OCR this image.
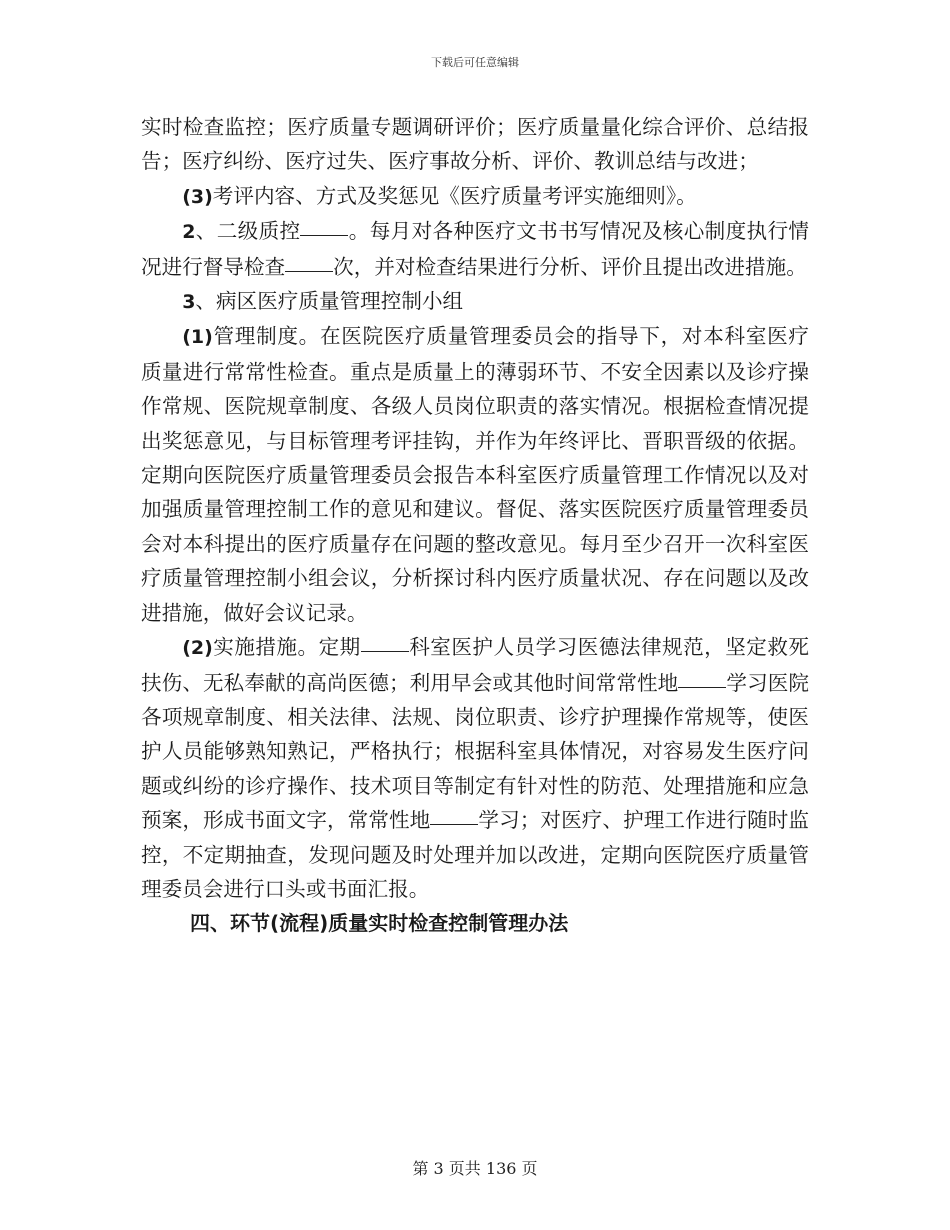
下载后可任意编辑

实时检查监控；医疗质量专题调研评价；医疗质量量化综合评价、总结报告；医疗纠纷、医疗过失、医疗事故分析、评价、教训总结与改进；

(3)考评内容、方式及奖惩见《医疗质量考评实施细则》。

2、二级质控 。每月对各种医疗文书书写情况及核心制度执行情况进行督导检查 次，并对检查结果进行分析、评价且提出改进措施。

3、病区医疗质量管理控制小组

(1)管理制度。在医院医疗质量管理委员会的指导下，对本科室医疗质量进行常常性检查。重点是质量上的薄弱环节、不安全因素以及诊疗操作常规、医院规章制度、各级人员岗位职责的落实情况。根据检查情况提出奖惩意见，与目标管理考评挂钩，并作为年终评比、晋职晋级的依据。定期向医院医疗质量管理委员会报告本科室医疗质量管理工作情况以及对加强质量管理控制工作的意见和建议。督促、落实医院医疗质量管理委员会对本科提出的医疗质量存在问题的整改意见。每月至少召开一次科室医疗质量管理控制小组会议，分析探讨科内医疗质量状况、存在问题以及改进措施，做好会议记录。

(2)实施措施。定期 科室医护人员学习医德法律规范，坚定救死扶伤、无私奉献的高尚医德；利用早会或其他时间常常性地 学习医院各项规章制度、相关法律、法规、岗位职责、诊疗护理操作常规等，使医护人员能够熟知熟记，严格执行；根据科室具体情况，对容易发生医疗问题或纠纷的诊疗操作、技术项目等制定有针对性的防范、处理措施和应急预案，形成书面文字，常常性地 学习；对医疗、护理工作进行随时监控，不定期抽查，发现问题及时处理并加以改进，定期向医院医疗质量管理委员会进行口头或书面汇报。

四、环节(流程)质量实时检查控制管理办法

第 3 页共 136 页
